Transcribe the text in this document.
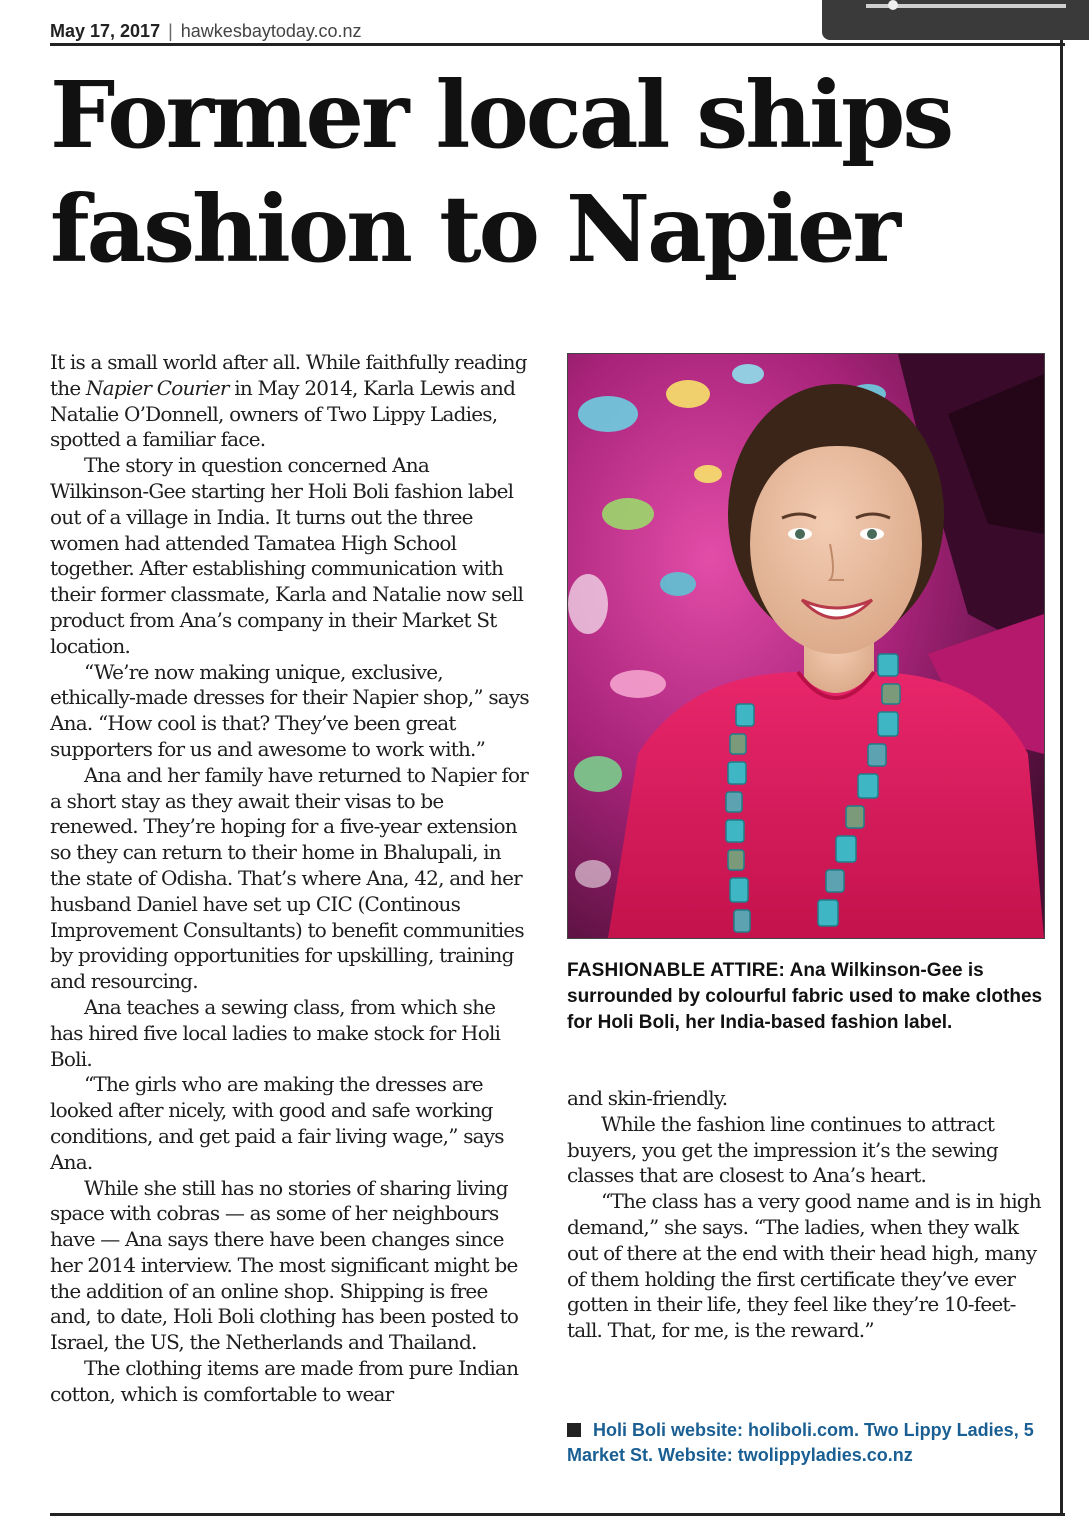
May 17, 2017 | hawkesbaytoday.co.nz
Former local ships fashion to Napier

It is a small world after all. While faithfully reading the Napier Courier in May 2014, Karla Lewis and Natalie O’Donnell, owners of Two Lippy Ladies, spotted a familiar face.

The story in question concerned Ana Wilkinson-Gee starting her Holi Boli fashion label out of a village in India. It turns out the three women had attended Tamatea High School together. After establishing communication with their former classmate, Karla and Natalie now sell product from Ana’s company in their Market St location.

“We’re now making unique, exclusive, ethically-made dresses for their Napier shop,” says Ana. “How cool is that? They’ve been great supporters for us and awesome to work with.”

Ana and her family have returned to Napier for a short stay as they await their visas to be renewed. They’re hoping for a five-year extension so they can return to their home in Bhalupali, in the state of Odisha. That’s where Ana, 42, and her husband Daniel have set up CIC (Continous Improvement Consultants) to benefit communities by providing opportunities for upskilling, training and resourcing.

Ana teaches a sewing class, from which she has hired five local ladies to make stock for Holi Boli.

“The girls who are making the dresses are looked after nicely, with good and safe working conditions, and get paid a fair living wage,” says Ana.

While she still has no stories of sharing living space with cobras — as some of her neighbours have — Ana says there have been changes since her 2014 interview. The most significant might be the addition of an online shop. Shipping is free and, to date, Holi Boli clothing has been posted to Israel, the US, the Netherlands and Thailand.

The clothing items are made from pure Indian cotton, which is comfortable to wear

FASHIONABLE ATTIRE: Ana Wilkinson-Gee is surrounded by colourful fabric used to make clothes for Holi Boli, her India-based fashion label.

and skin-friendly.

While the fashion line continues to attract buyers, you get the impression it’s the sewing classes that are closest to Ana’s heart.

“The class has a very good name and is in high demand,” she says. “The ladies, when they walk out of there at the end with their head high, many of them holding the first certificate they’ve ever gotten in their life, they feel like they’re 10-feet-tall. That, for me, is the reward.”

Holi Boli website: holiboli.com. Two Lippy Ladies, 5 Market St. Website: twolippyladies.co.nz
